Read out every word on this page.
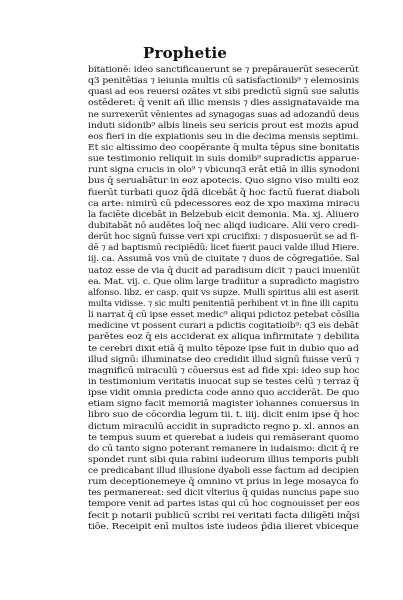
Prophetie
bitationē: ideo sanctificauerunt se ⁊ prepārauerūt sesecerūt
q3 penitētias ⁊ ieiunia multis cū satisfactionib⁹ ⁊ elemosinis
quasi ad eos reuersi ozātes vt sibi predictū signū sue salutis
ostēderet: q̄ venit añ illic mensis ⁊ dies assignatavaide ma
ne surrexerūt vēnientes ad synagogas suas ad adozandū deus
induti sidonib⁹ albis lineis seu sericis prout est mozis apud
eos fieri in die expiationis seu in die decima mensis septimi.
Et sic altissimo deo coopērante q̄ multa tēpus sine bonitatis
sue testimonio reliquit in suis domib⁹ supradictis apparue-
runt signa crucis in olo⁹ ⁊ vbicunq3 erāt etiā in illis synodoni
bus q̄ seruabātur in eoz apotecis. Quo signo viso multi eoz
fuerūt turbati quoz q̄dā dicebāt q̄ hoc factū fuerat diaboli
ca arte: nimirū cū pdecessores eoz de xpo maxima miracu
la faciēte dicebāt in Belzebub eicit demonia. Ma. xj. Aliuero
dubitabāt nō audētes loq̄ nec aliqd iudicare. Alii vero credi-
derūt hoc signū fuisse veri xpi crucifixi: ⁊ disposuerūt se ad fi-
dē ⁊ ad baptismū recipiēdū: licet fuerit pauci valde illud Hiere.
iij. ca. Assumā vos vnū de ciuitate ⁊ duos de cōgregatiōe. Sal
uatoz esse de via q̄ ducit ad paradisum dicit ⁊ pauci inueniūt
ea. Mat. vij. c. Que olim large tradiitur a supradicto magistro
alfonso. libz. er casp. quit vs supze. Mulli spiritus alii est aserit
multa vidisse. ⁊ sic multi penitentiā perhibent vt in fine illi capitu
li narrat q̄ cū ipse esset medic⁹ aliqui pdictoz petebat cōsilia
medicine vt possent curari a pdictis cogitatioib⁹: q3 eis debāt
parētes eoz q̄ eis acciderat ex aliqua infirmitate ⁊ debilita
te cerebri dixit etiā q̄ multo tēpoze ipse fuit in dubio quo ad
illud signū: illuminatse deo credidit illud signū fuisse verū ⁊
magnificū miraculū ⁊ cōuersus est ad fide xpi: ideo sup hoc
in testimonium veritatis inuocat sup se testes celū ⁊ terraz q̄
ipse vidit omnia predicta code anno quo acciderāt. De quo
etiam signo facit memoriā magister iohannes conuersus in
libro suo de cōcordia legum tii. t. iiij. dicit enim ipse q̄ hoc
dictum miraculū accidit in supradicto regno p. xl. annos an
te tempus suum et querebat a iudeis qui remāserant quomo
do cū tanto signo poterant remanere in iudaismo: dicit q̄ re
spondet runt sibi quia rabini iudeorum illius temporis publi
ce predicabant illud illusione dyaboli esse factum ad decipien
rum deceptionemeye q̄ omnino vt prius in lege mosayca fo
tes permanereat: sed dicit vlterius q̄ quidas nuncius pape suo
tempore venit ad partes istas qui cū hoc cognouisset per eos
fecit p notarii publicū scribi rei veritati facta diligēti inq̄si
tiōe. Receipit enī multos iste iudeos p̄dia ilieret vbiceque
